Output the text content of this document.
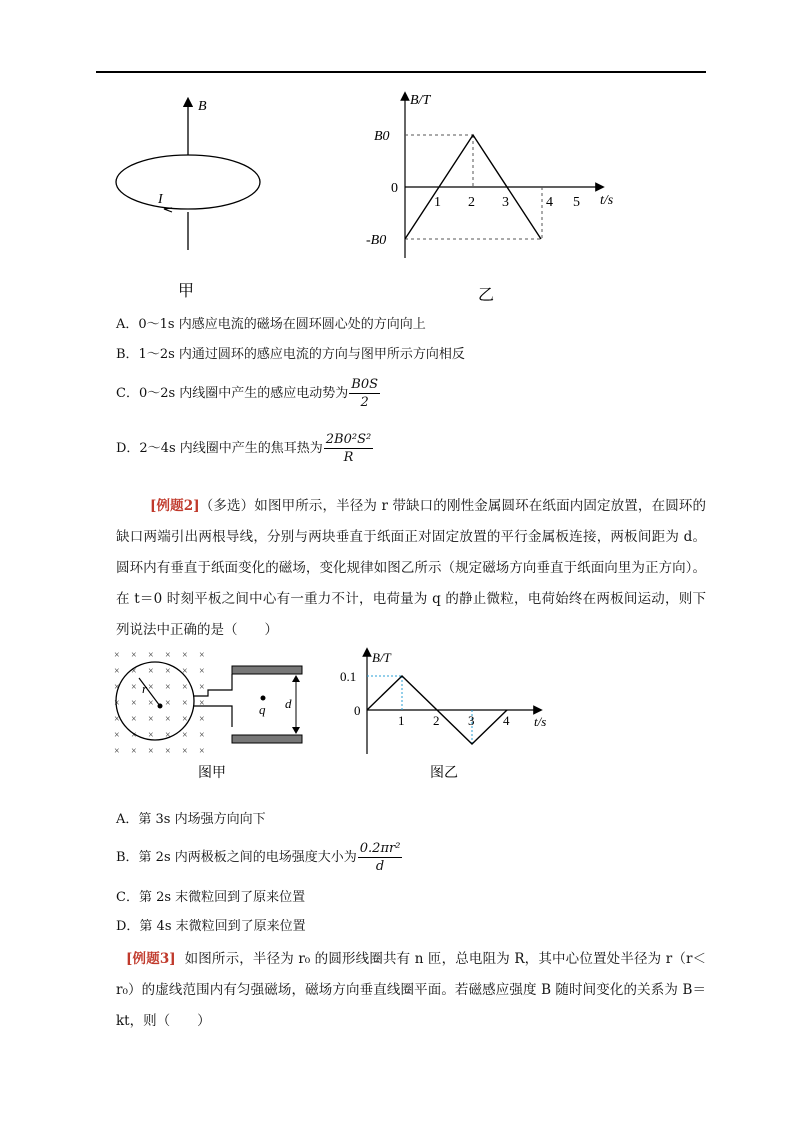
B
I
甲
B/T
t/s
B0
0
-B0
1 2 3	4 5
乙
A．0～1s 内感应电流的磁场在圆环圆心处的方向向上
B．1～2s 内通过圆环的感应电流的方向与图甲所示方向相反
C．0～2s 内线圈中产生的感应电动势为 $\frac{B0S}{2}$
D．2～4s 内线圈中产生的焦耳热为 $\frac{\text{2B0²S²}}{R}$

[例题2]（多选）如图甲所示，半径为 r 带缺口的刚性金属圆环在纸面内固定放置，在圆环的缺口两端引出两根导线，分别与两块垂直于纸面正对固定放置的平行金属板连接，两板间距为 d。圆环内有垂直于纸面变化的磁场，变化规律如图乙所示（规定磁场方向垂直于纸面向里为正方向）。在 t＝0 时刻平板之间中心有一重力不计，电荷量为 q 的静止微粒，电荷始终在两板间运动，则下列说法中正确的是（　　）

× × × × × ×
× × × × × ×
× × × × × ×
× × × × × ×
× × × × × ×
× × × × × ×
× × × × × ×
r
q d
图甲
B/T
t/s
0.1
0
1 2 3 4
图乙
A．第 3s 内场强方向向下
B．第 2s 内两极板之间的电场强度大小为 $\frac{\text{0.2πr²}}{d}$
C．第 2s 末微粒回到了原来位置
D．第 4s 末微粒回到了原来位置

[例题3] 如图所示，半径为 r₀ 的圆形线圈共有 n 匝，总电阻为 R，其中心位置处半径为 r（r＜r₀）的虚线范围内有匀强磁场，磁场方向垂直线圈平面。若磁感应强度 B 随时间变化的关系为 B＝kt，则（　　）
